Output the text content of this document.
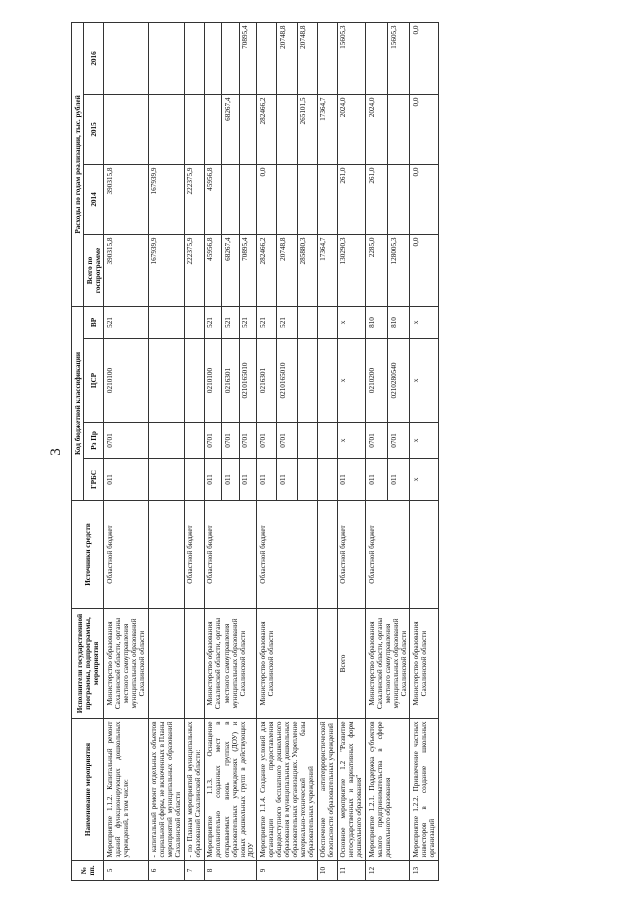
3
№ пп.	Наименование мероприятия	Исполнители государственной программы, подпрограммы, мероприятия	Источники средств	Код бюджетной классификации				Расходы по годам реализации, тыс. рублей			
				ГРБС	Рз Пр	ЦСР	ВР	Всего по госпрограмме	2014	2015	2016
5	Мероприятие 1.1.2. Капитальный ремонт зданий функционирующих дошкольных учреждений, в том числе:	Министерство образования Сахалинской области, органы местного самоуправления муниципальных образований Сахалинской области	Областной бюджет	011	0701	0210100	521	390315,8	390315,8		
6	- капитальный ремонт отдельных объектов социальной сферы, не включенных в Планы мероприятий муниципальных образований Сахалинской области							167939,9	167939,9		
7	- по Планам мероприятий муниципальных образований Сахалинской области:		Областной бюджет					222375,9	222375,9		
8	Мероприятие 1.1.3. Оснащение дополнительно созданных мест в открываемых вновь группах в образовательных учреждениях (ДОУ) и новых дошкольных групп в действующих ДОУ	Министерство образования Сахалинской области, органы местного самоуправления муниципальных образований Сахалинской области	Областной бюджет	011	0701	0210100	521	45956,8	45956,8		
				011	0701	0216301	521	68267,4		68267,4	
				011	0701	0210165010	521	70895,4			70895,4
9	Мероприятие 1.1.4. Создание условий для организации предоставления общедоступного бесплатного дошкольного образования в муниципальных дошкольных образовательных организациях. Укрепление материально-технической базы образовательных учреждений	Министерство образования Сахалинской области	Областной бюджет	011	0701	0216301	521	282466,2	0,0	282466,2	
				011	0701	0210165010	521	20748,8			20748,8
								285880,3		265101,5	20748,8
10	Обеспечение антитеррористической безопасности образовательных учреждений							17364,7		17364,7	
11	Основное мероприятие 1.2 "Развитие негосударственных и вариативных форм дошкольного образования"	Всего	Областной бюджет	011	х	х	х	130290,3	261,0	2024,0	15605,3
12	Мероприятие 1.2.1. Поддержка субъектов малого предпринимательства в сфере дошкольного образования	Министерство образования Сахалинской области, органы местного самоуправления муниципальных образований Сахалинской области	Областной бюджет	011	0701	0210200	810	2285,0	261,0	2024,0	
				011	0701	0210280540	810	128005,3			15605,3
13	Мероприятие 1.2.2. Привлечение частных инвесторов в создание школьных организаций	Министерство образования Сахалинской области		х	х	х	х	0,0	0,0	0,0	0,0
